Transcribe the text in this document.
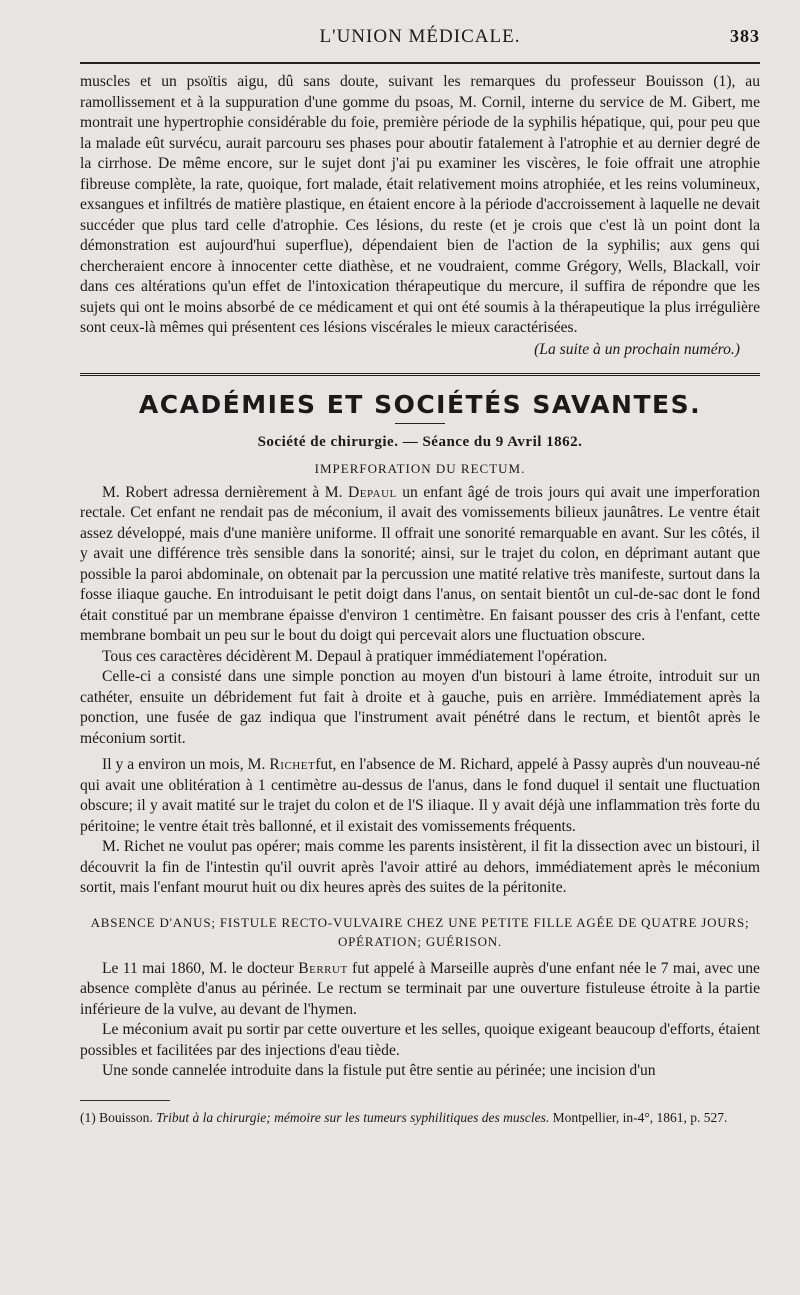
L'UNION MÉDICALE.	383

muscles et un psoïtis aigu, dû sans doute, suivant les remarques du professeur Bouisson (1), au ramollissement et à la suppuration d'une gomme du psoas, M. Cornil, interne du service de M. Gibert, me montrait une hypertrophie considérable du foie, première période de la syphilis hépatique, qui, pour peu que la malade eût survécu, aurait parcouru ses phases pour aboutir fatalement à l'atrophie et au dernier degré de la cirrhose. De même encore, sur le sujet dont j'ai pu examiner les viscères, le foie offrait une atrophie fibreuse complète, la rate, quoique, fort malade, était relativement moins atrophiée, et les reins volumineux, exsangues et infiltrés de matière plastique, en étaient encore à la période d'accroissement à laquelle ne devait succéder que plus tard celle d'atrophie. Ces lésions, du reste (et je crois que c'est là un point dont la démonstration est aujourd'hui superflue), dépendaient bien de l'action de la syphilis; aux gens qui chercheraient encore à innocenter cette diathèse, et ne voudraient, comme Grégory, Wells, Blackall, voir dans ces altérations qu'un effet de l'intoxication thérapeutique du mercure, il suffira de répondre que les sujets qui ont le moins absorbé de ce médicament et qui ont été soumis à la thérapeutique la plus irrégulière sont ceux-là mêmes qui présentent ces lésions viscérales le mieux caractérisées.

(La suite à un prochain numéro.)
ACADÉMIES ET SOCIÉTÉS SAVANTES.
Société de chirurgie. — Séance du 9 Avril 1862.
IMPERFORATION DU RECTUM.

M. Robert adressa dernièrement à M. Depaul un enfant âgé de trois jours qui avait une imperforation rectale. Cet enfant ne rendait pas de méconium, il avait des vomissements bilieux jaunâtres. Le ventre était assez développé, mais d'une manière uniforme. Il offrait une sonorité remarquable en avant. Sur les côtés, il y avait une différence très sensible dans la sonorité; ainsi, sur le trajet du colon, en déprimant autant que possible la paroi abdominale, on obtenait par la percussion une matité relative très manifeste, surtout dans la fosse iliaque gauche. En introduisant le petit doigt dans l'anus, on sentait bientôt un cul-de-sac dont le fond était constitué par un membrane épaisse d'environ 1 centimètre. En faisant pousser des cris à l'enfant, cette membrane bombait un peu sur le bout du doigt qui percevait alors une fluctuation obscure.

Tous ces caractères décidèrent M. Depaul à pratiquer immédiatement l'opération.

Celle-ci a consisté dans une simple ponction au moyen d'un bistouri à lame étroite, introduit sur un cathéter, ensuite un débridement fut fait à droite et à gauche, puis en arrière. Immédiatement après la ponction, une fusée de gaz indiqua que l'instrument avait pénétré dans le rectum, et bientôt après le méconium sortit.

Il y a environ un mois, M. Richetfut, en l'absence de M. Richard, appelé à Passy auprès d'un nouveau-né qui avait une oblitération à 1 centimètre au-dessus de l'anus, dans le fond duquel il sentait une fluctuation obscure; il y avait matité sur le trajet du colon et de l'S iliaque. Il y avait déjà une inflammation très forte du péritoine; le ventre était très ballonné, et il existait des vomissements fréquents.

M. Richet ne voulut pas opérer; mais comme les parents insistèrent, il fit la dissection avec un bistouri, il découvrit la fin de l'intestin qu'il ouvrit après l'avoir attiré au dehors, immédiatement après le méconium sortit, mais l'enfant mourut huit ou dix heures après des suites de la péritonite.

ABSENCE D'ANUS; FISTULE RECTO-VULVAIRE CHEZ UNE PETITE FILLE AGÉE DE QUATRE JOURS;
OPÉRATION; GUÉRISON.

Le 11 mai 1860, M. le docteur Berrut fut appelé à Marseille auprès d'une enfant née le 7 mai, avec une absence complète d'anus au périnée. Le rectum se terminait par une ouverture fistuleuse étroite à la partie inférieure de la vulve, au devant de l'hymen.

Le méconium avait pu sortir par cette ouverture et les selles, quoique exigeant beaucoup d'efforts, étaient possibles et facilitées par des injections d'eau tiède.

Une sonde cannelée introduite dans la fistule put être sentie au périnée; une incision d'un

(1) Bouisson. Tribut à la chirurgie; mémoire sur les tumeurs syphilitiques des muscles. Montpellier, in-4°, 1861, p. 527.
